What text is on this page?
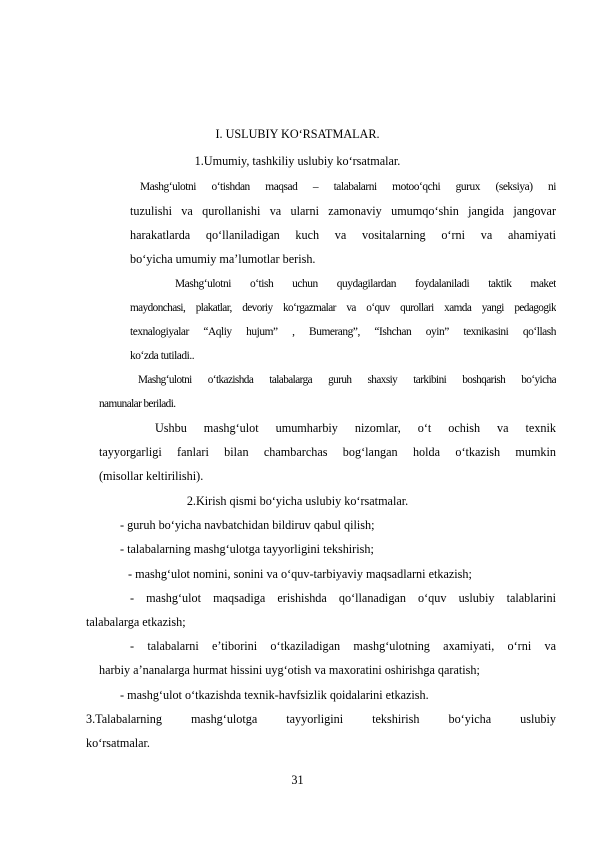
I. USLUBIY KO‘RSATMALAR.
1.Umumiy, tashkiliy uslubiy ko‘rsatmalar.
Mashg‘ulotni o‘tishdan maqsad – talabalarni motoo‘qchi gurux (seksiya) ni
tuzulishi va qurollanishi va ularni zamonaviy umumqo‘shin jangida jangovar
harakatlarda qo‘llaniladigan kuch va vositalarning o‘rni va ahamiyati
bo‘yicha umumiy ma’lumotlar berish.
Mashg‘ulotni o‘tish uchun quydagilardan foydalaniladi taktik maket
maydonchasi, plakatlar, devoriy ko‘rgazmalar va o‘quv qurollari xamda yangi pedagogik
texnalogiyalar “Aqliy hujum” , Bumerang”, “Ishchan oyin” texnikasini qo‘llash
ko‘zda tutiladi..
Mashg‘ulotni o‘tkazishda talabalarga guruh shaxsiy tarkibini boshqarish bo‘yicha
namunalar beriladi.
Ushbu mashg‘ulot umumharbiy nizomlar, o‘t ochish va texnik
tayyorgarligi fanlari bilan chambarchas bog‘langan holda o‘tkazish mumkin
(misollar keltirilishi).
2.Kirish qismi bo‘yicha uslubiy ko‘rsatmalar.
- guruh bo‘yicha navbatchidan bildiruv qabul qilish;
- talabalarning mashg‘ulotga tayyorligini tekshirish;
- mashg‘ulot nomini, sonini va o‘quv-tarbiyaviy maqsadlarni etkazish;
- mashg‘ulot maqsadiga erishishda qo‘llanadigan o‘quv uslubiy talablarini
talabalarga etkazish;
- talabalarni e’tiborini o‘tkaziladigan mashg‘ulotning axamiyati, o‘rni va
harbiy a’nanalarga hurmat hissini uyg‘otish va maxoratini oshirishga qaratish;
- mashg‘ulot o‘tkazishda texnik-havfsizlik qoidalarini etkazish.
3.Talabalarning mashg‘ulotga tayyorligini tekshirish bo‘yicha uslubiy
ko‘rsatmalar.
31
